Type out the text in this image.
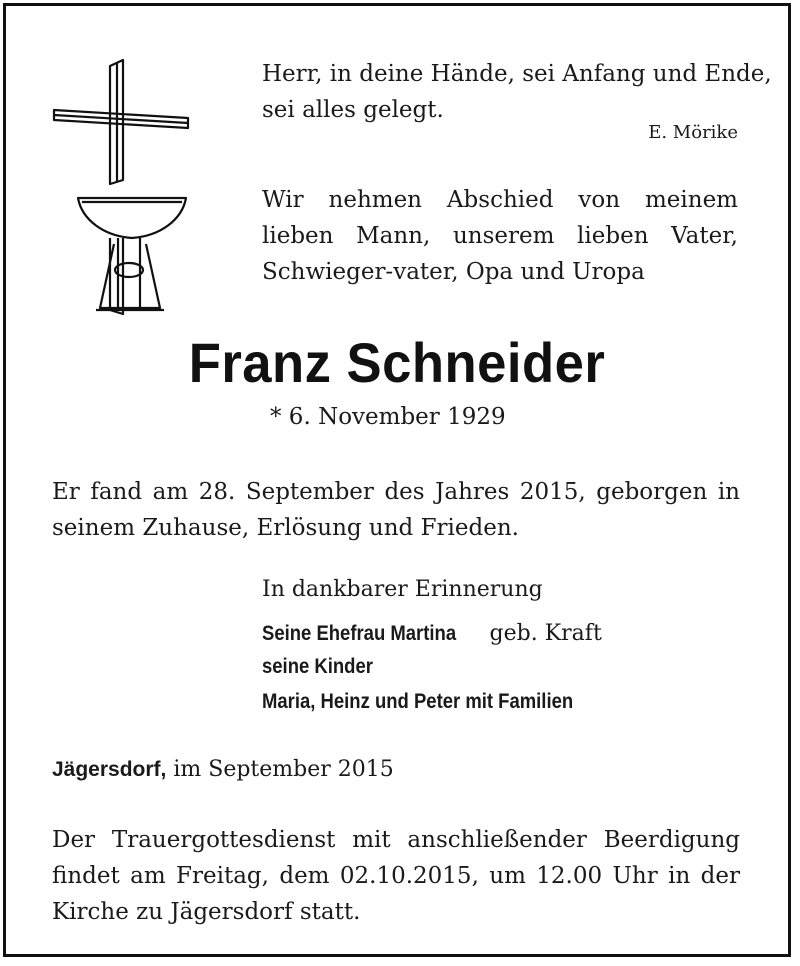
Herr, in deine Hände, sei Anfang und Ende,
sei alles gelegt.
E. Mörike
Wir nehmen Abschied von meinem lieben Mann, unserem lieben Vater, Schwieger-vater, Opa und Uropa
Franz Schneider
* 6. November 1929
Er fand am 28. September des Jahres 2015, geborgen in seinem Zuhause, Erlösung und Frieden.
In dankbarer Erinnerung
Seine Ehefrau Martina geb. Kraft
seine Kinder
Maria, Heinz und Peter mit Familien
Jägersdorf, im September 2015
Der Trauergottesdienst mit anschließender Beerdigung findet am Freitag, dem 02.10.2015, um 12.00 Uhr in der Kirche zu Jägersdorf statt.
